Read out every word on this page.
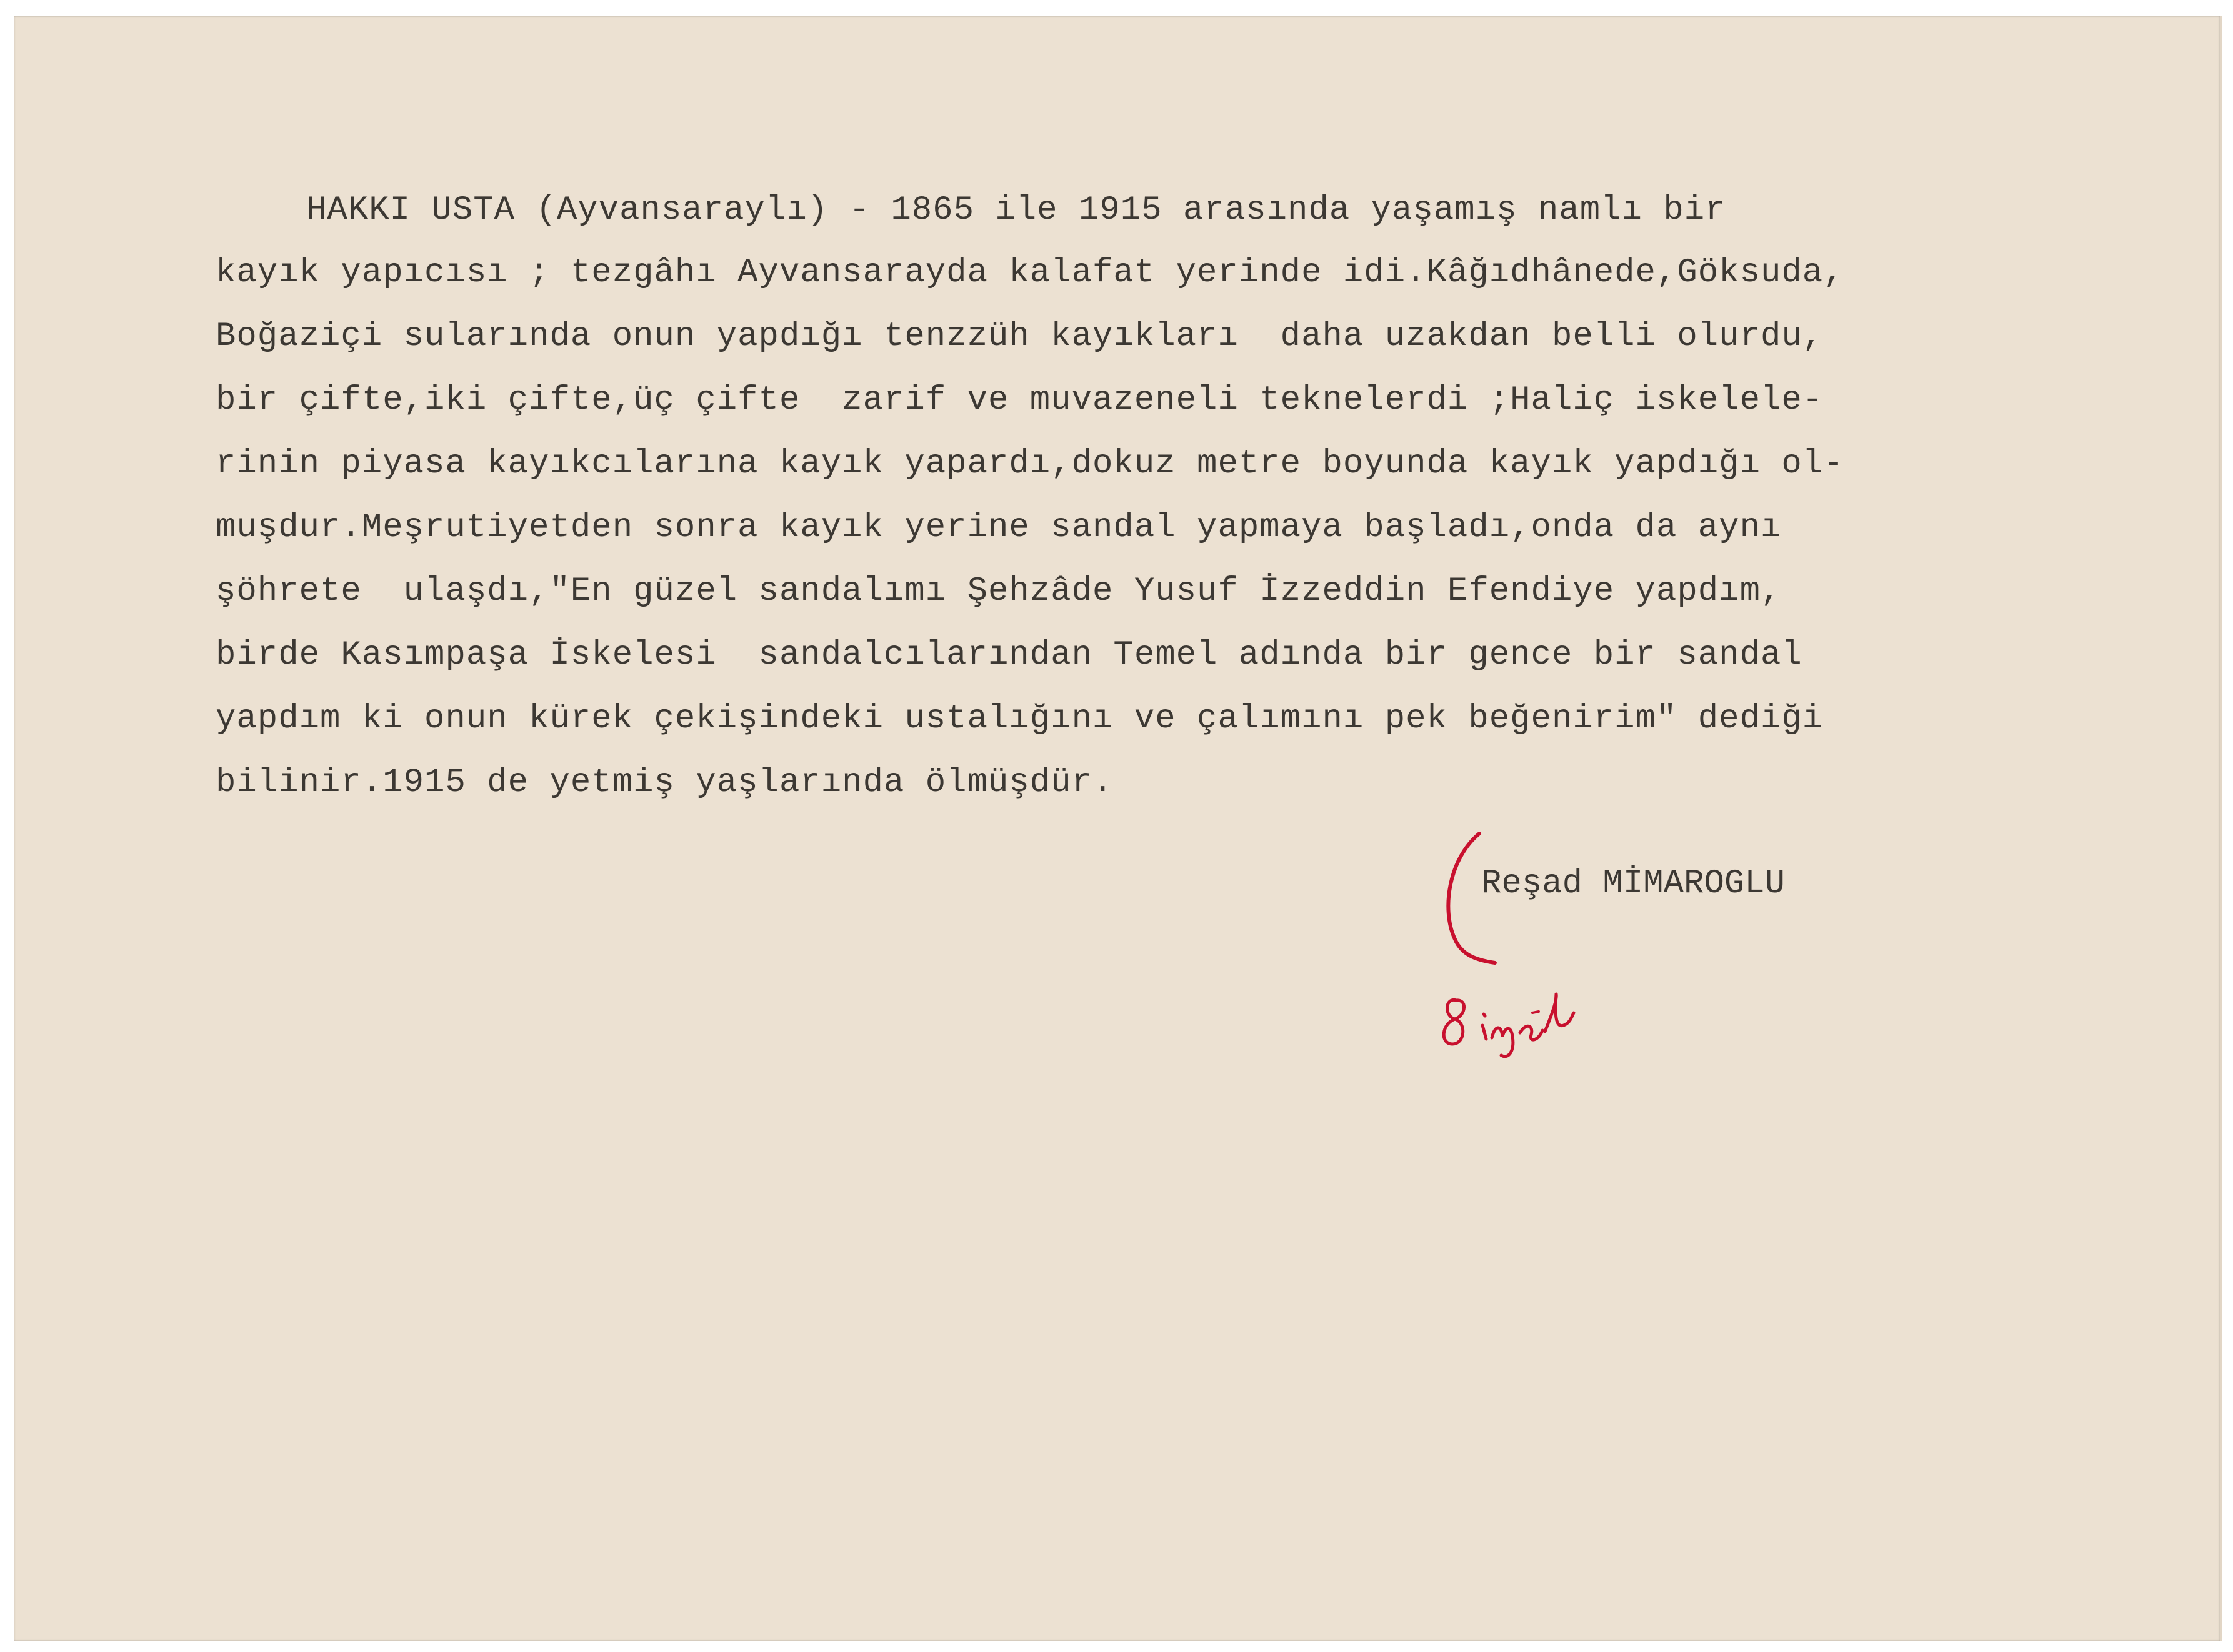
HAKKI USTA (Ayvansaraylı) - 1865 ile 1915 arasında yaşamış namlı bir

kayık yapıcısı ; tezgâhı Ayvansarayda kalafat yerinde idi.Kâğıdhânede,Göksuda,

Boğaziçi sularında onun yapdığı tenzzüh kayıkları  daha uzakdan belli olurdu,

bir çifte,iki çifte,üç çifte  zarif ve muvazeneli teknelerdi ;Haliç iskelele-

rinin piyasa kayıkcılarına kayık yapardı,dokuz metre boyunda kayık yapdığı ol-

muşdur.Meşrutiyetden sonra kayık yerine sandal yapmaya başladı,onda da aynı

şöhrete  ulaşdı,"En güzel sandalımı Şehzâde Yusuf İzzeddin Efendiye yapdım,

birde Kasımpaşa İskelesi  sandalcılarından Temel adında bir gence bir sandal

yapdım ki onun kürek çekişindeki ustalığını ve çalımını pek beğenirim" dediği

bilinir.1915 de yetmiş yaşlarında ölmüşdür.

Reşad MİMAROGLU
